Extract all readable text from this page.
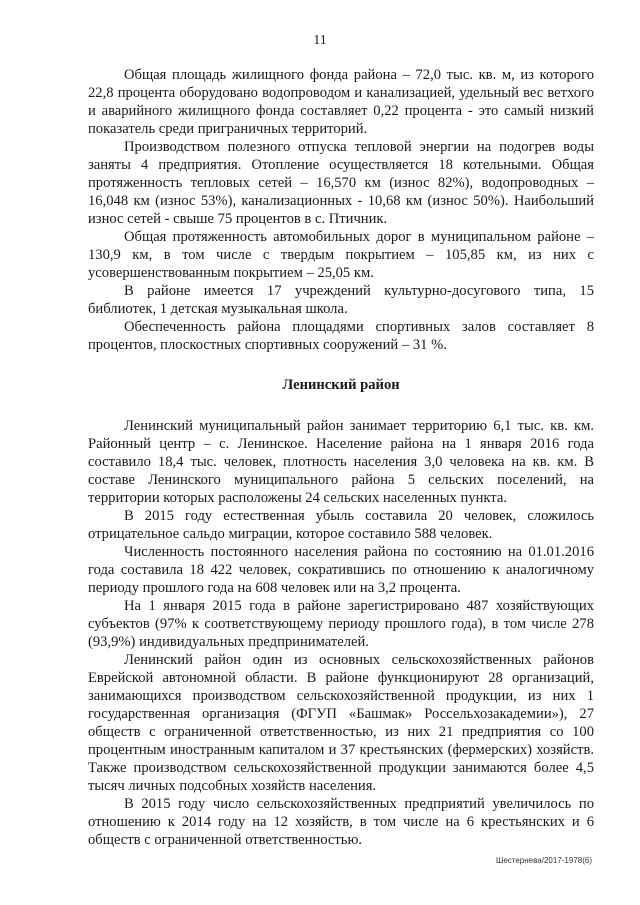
11

Общая площадь жилищного фонда района – 72,0 тыс. кв. м, из которого 22,8 процента оборудовано водопроводом и канализацией, удельный вес ветхого и аварийного жилищного фонда составляет 0,22 процента - это самый низкий показатель среди приграничных территорий.

Производством полезного отпуска тепловой энергии на подогрев воды заняты 4 предприятия. Отопление осуществляется 18 котельными. Общая протяженность тепловых сетей – 16,570 км (износ 82%), водопроводных – 16,048 км (износ 53%), канализационных - 10,68 км (износ 50%). Наибольший износ сетей - свыше 75 процентов в с. Птичник.

Общая протяженность автомобильных дорог в муниципальном районе – 130,9 км, в том числе с твердым покрытием – 105,85 км, из них с усовершенствованным покрытием – 25,05 км.

В районе имеется 17 учреждений культурно-досугового типа, 15 библиотек, 1 детская музыкальная школа.

Обеспеченность района площадями спортивных залов составляет 8 процентов, плоскостных спортивных сооружений – 31 %.

Ленинский район

Ленинский муниципальный район занимает территорию 6,1 тыс. кв. км. Районный центр – с. Ленинское. Население района на 1 января 2016 года составило 18,4 тыс. человек, плотность населения 3,0 человека на кв. км. В составе Ленинского муниципального района 5 сельских поселений, на территории которых расположены 24 сельских населенных пункта.

В 2015 году естественная убыль составила 20 человек, сложилось отрицательное сальдо миграции, которое составило 588 человек.

Численность постоянного населения района по состоянию на 01.01.2016 года составила 18 422 человек, сократившись по отношению к аналогичному периоду прошлого года на 608 человек или на 3,2 процента.

На 1 января 2015 года в районе зарегистрировано 487 хозяйствующих субъектов (97% к соответствующему периоду прошлого года), в том числе 278 (93,9%) индивидуальных предпринимателей.

Ленинский район один из основных сельскохозяйственных районов Еврейской автономной области. В районе функционируют 28 организаций, занимающихся производством сельскохозяйственной продукции, из них 1 государственная организация (ФГУП «Башмак» Россельхозакадемии»), 27 обществ с ограниченной ответственностью, из них 21 предприятия со 100 процентным иностранным капиталом и 37 крестьянских (фермерских) хозяйств. Также производством сельскохозяйственной продукции занимаются более 4,5 тысяч личных подсобных хозяйств населения.

В 2015 году число сельскохозяйственных предприятий увеличилось по отношению к 2014 году на 12 хозяйств, в том числе на 6 крестьянских и 6 обществ с ограниченной ответственностью.

Шестернева/2017-1978(6)
